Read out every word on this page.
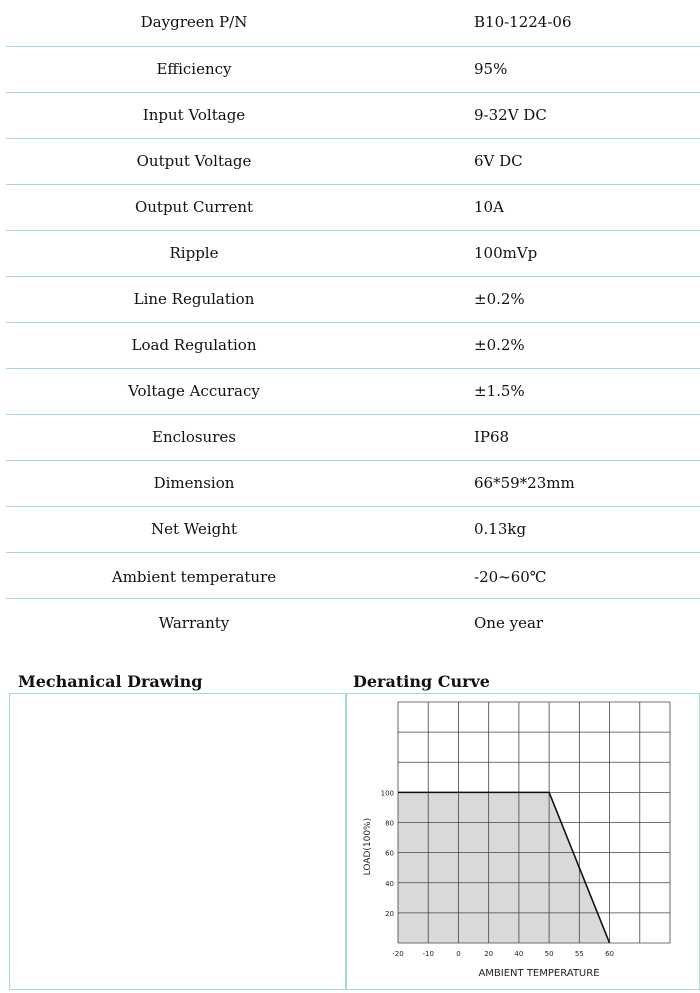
Daygreen P/N	B10-1224-06
Efficiency	95%
Input Voltage	9-32V DC
Output Voltage	6V DC
Output Current	10A
Ripple	100mVp
Line Regulation	±0.2%
Load Regulation	±0.2%
Voltage Accuracy	±1.5%
Enclosures	IP68
Dimension	66*59*23mm
Net Weight	0.13kg
Ambient temperature	-20~60℃
Warranty	One year
Mechanical Drawing	Derating Curve
-20	-10	0	20	40	50	55	60
20
40
60
80
100
AMBIENT TEMPERATURE
LOAD(100%)
